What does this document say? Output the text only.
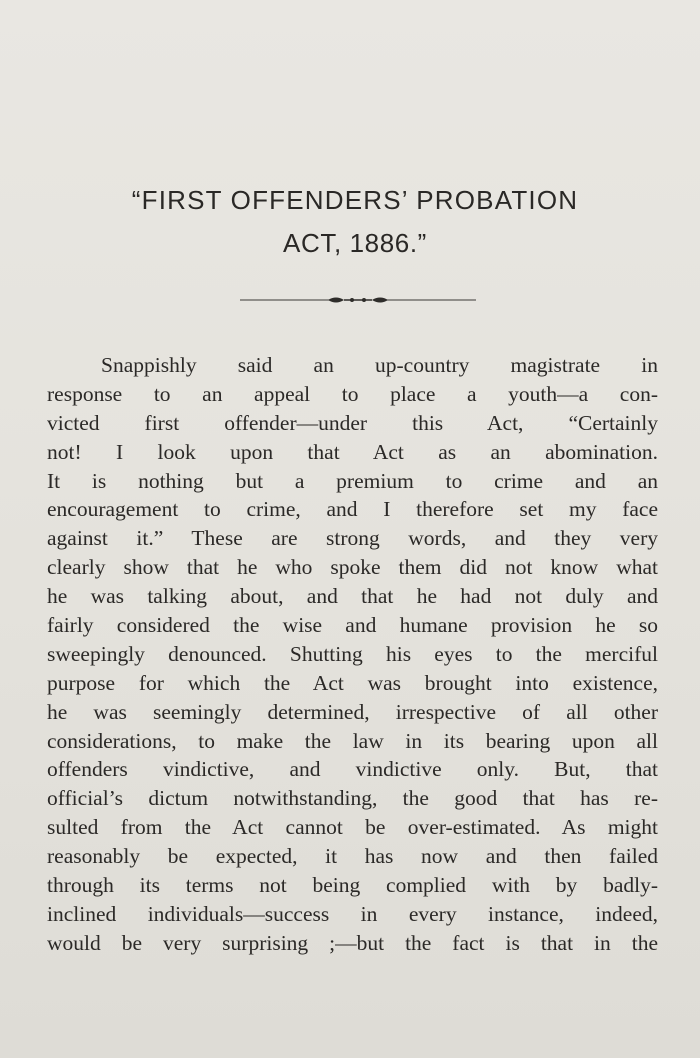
“FIRST OFFENDERS’ PROBATION
ACT, 1886.”
Snappishly said an up-country magistrate in
response to an appeal to place a youth—a con-
victed first offender—under this Act, “Certainly
not! I look upon that Act as an abomination.
It is nothing but a premium to crime and an
encouragement to crime, and I therefore set my face
against it.” These are strong words, and they very
clearly show that he who spoke them did not know what
he was talking about, and that he had not duly and
fairly considered the wise and humane provision he so
sweepingly denounced. Shutting his eyes to the merciful
purpose for which the Act was brought into existence,
he was seemingly determined, irrespective of all other
considerations, to make the law in its bearing upon all
offenders vindictive, and vindictive only. But, that
official’s dictum notwithstanding, the good that has re-
sulted from the Act cannot be over-estimated. As might
reasonably be expected, it has now and then failed
through its terms not being complied with by badly-
inclined individuals—success in every instance, indeed,
would be very surprising ;—but the fact is that in the
